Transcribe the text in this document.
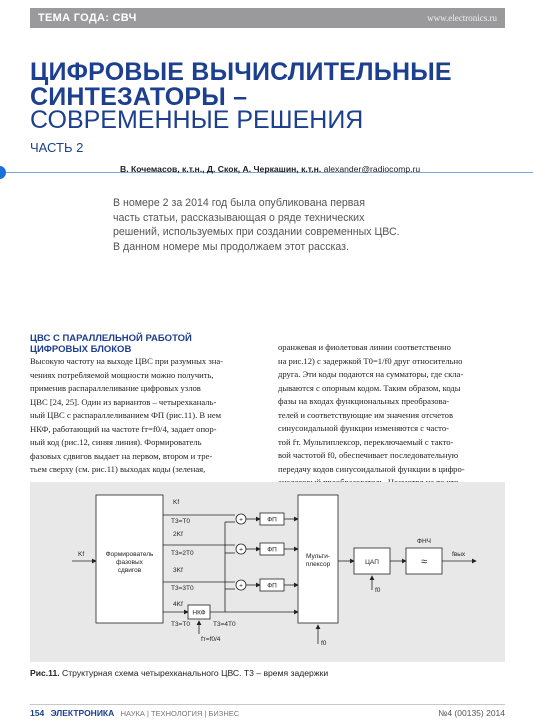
ТЕМА ГОДА: СВЧ	www.electronics.ru
ЦИФРОВЫЕ ВЫЧИСЛИТЕЛЬНЫЕ
СИНТЕЗАТОРЫ –
СОВРЕМЕННЫЕ РЕШЕНИЯ
ЧАСТЬ 2
В. Кочемасов, к.т.н., Д. Скок, А. Черкашин, к.т.н. alexander@radiocomp.ru
В номере 2 за 2014 год была опубликована первая
часть статьи, рассказывающая о ряде технических
решений, используемых при создании современных ЦВС.
В данном номере мы продолжаем этот рассказ.
ЦВС С ПАРАЛЛЕЛЬНОЙ РАБОТОЙ
ЦИФРОВЫХ БЛОКОВ
Высокую частоту на выходе ЦВС при разумных зна-
чениях потребляемой мощности можно получить,
применив распараллеливание цифровых узлов
ЦВС [24, 25]. Один из вариантов – четырехканаль-
ный ЦВС с распараллеливанием ФП (рис.11). В нем
НКФ, работающий на частоте fт=f0/4, задает опор-
ный код (рис.12, синяя линия). Формирователь
фазовых сдвигов выдает на первом, втором и тре-
тьем сверху (см. рис.11) выходах коды (зеленая,
оранжевая и фиолетовая линии соответственно
на рис.12) с задержкой T0=1/f0 друг относительно
друга. Эти коды подаются на сумматоры, где скла-
дываются с опорным кодом. Таким образом, коды
фазы на входах функциональных преобразова-
телей и соответствующие им значения отсчетов
синусоидальной функции изменяются с часто-
той fт. Мультиплексор, переключаемый с такто-
вой частотой f0, обеспечивает последовательную
передачу кодов синусоидальной функции в цифро-
Kf	Формирователь
фазовых
сдвигов
Kf
T3=T0
2Kf
T3=2T0
3Kf
T3=3T0
4Kf
T3=T0
НКФ
T3=4T0
fт=f0/4
+
+
+
ФП
ФП
ФП
Мульти-
плексор
f0
ЦАП
f0
ФНЧ
≈
fвых
Рис.11. Структурная схема четырехканального ЦВС. T3 – время задержки
154 ЭЛЕКТРОНИКА НАУКА | ТЕХНОЛОГИЯ | БИЗНЕС	№4 (00135) 2014
